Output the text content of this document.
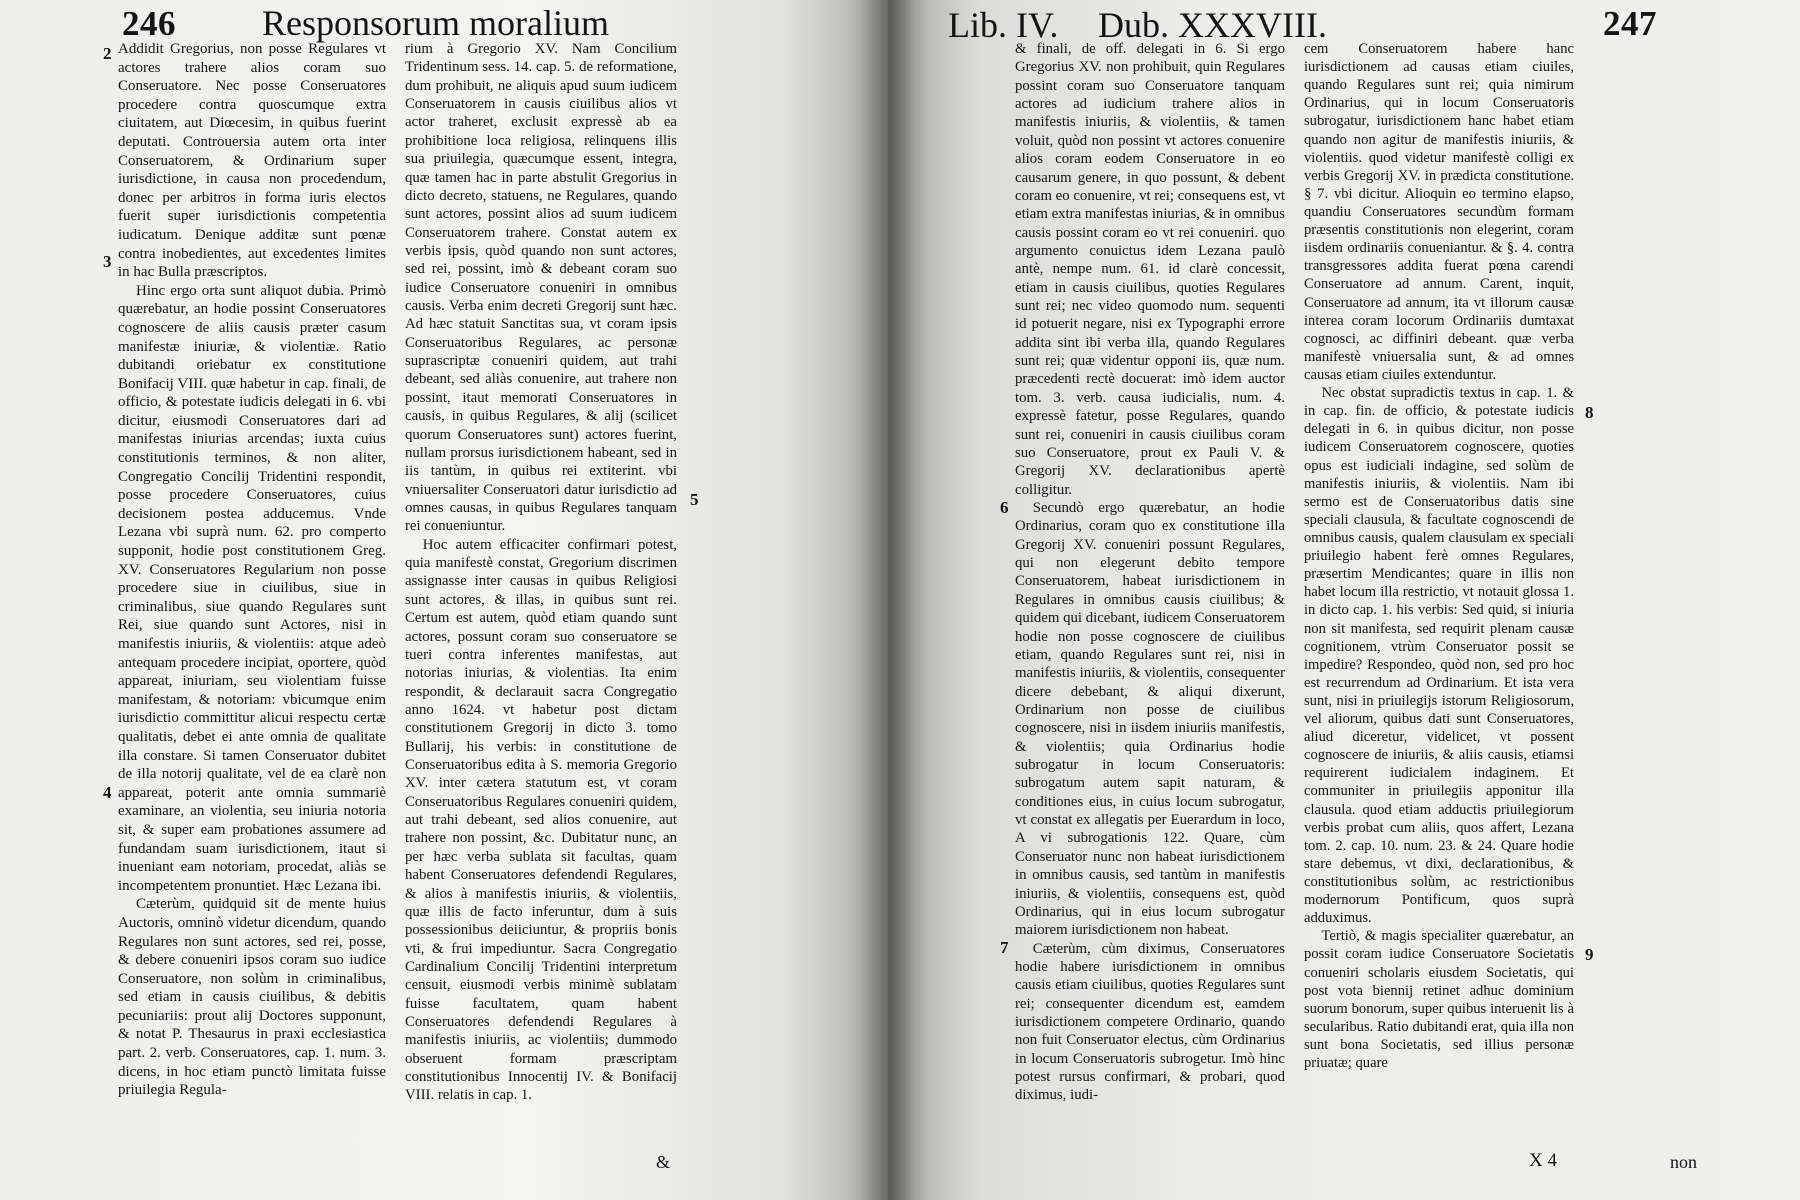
246 Responsorum moralium

Addidit Gregorius, non posse Regulares vt actores trahere alios coram suo Conseruatore. Nec posse Conseruatores procedere contra quoscumque extra ciuitatem, aut Diœcesim, in quibus fuerint deputati. Controuersia autem orta inter Conseruatorem, & Ordinarium super iurisdictione, in causa non procedendum, donec per arbitros in forma iuris electos fuerit super iurisdictionis competentia iudicatum. Denique additæ sunt pœnæ contra inobedientes, aut excedentes limites in hac Bulla præscriptos.

Hinc ergo orta sunt aliquot dubia. Primò quærebatur, an hodie possint Conseruatores cognoscere de aliis causis præter casum manifestæ iniuriæ, & violentiæ. Ratio dubitandi oriebatur ex constitutione Bonifacij VIII. quæ habetur in cap. finali, de officio, & potestate iudicis delegati in 6. vbi dicitur, eiusmodi Conseruatores dari ad manifestas iniurias arcendas; iuxta cuius constitutionis terminos, & non aliter, Congregatio Concilij Tridentini respondit, posse procedere Conseruatores, cuius decisionem postea adducemus. Vnde Lezana vbi suprà num. 62. pro comperto supponit, hodie post constitutionem Greg. XV. Conseruatores Regularium non posse procedere siue in ciuilibus, siue in criminalibus, siue quando Regulares sunt Rei, siue quando sunt Actores, nisi in manifestis iniuriis, & violentiis: atque adeò antequam procedere incipiat, oportere, quòd appareat, iniuriam, seu violentiam fuisse manifestam, & notoriam: vbicumque enim iurisdictio committitur alicui respectu certæ qualitatis, debet ei ante omnia de qualitate illa constare. Si tamen Conseruator dubitet de illa notorij qualitate, vel de ea clarè non appareat, poterit ante omnia summariè examinare, an violentia, seu iniuria notoria sit, & super eam probationes assumere ad fundandam suam iurisdictionem, itaut si inueniant eam notoriam, procedat, aliàs se incompetentem pronuntiet. Hæc Lezana ibi.

Cæterùm, quidquid sit de mente huius Auctoris, omninò videtur dicendum, quando Regulares non sunt actores, sed rei, posse, & debere conueniri ipsos coram suo iudice Conseruatore, non solùm in criminalibus, sed etiam in causis ciuilibus, & debitis pecuniariis: prout alij Doctores supponunt, & notat P. Thesaurus in praxi ecclesiastica part. 2. verb. Conseruatores, cap. 1. num. 3. dicens, in hoc etiam punctò limitata fuisse priuilegia Regula-

rium à Gregorio XV. Nam Concilium Tridentinum sess. 14. cap. 5. de reformatione, dum prohibuit, ne aliquis apud suum iudicem Conseruatorem in causis ciuilibus alios vt actor traheret, exclusit expressè ab ea prohibitione loca religiosa, relinquens illis sua priuilegia, quæcumque essent, integra, quæ tamen hac in parte abstulit Gregorius in dicto decreto, statuens, ne Regulares, quando sunt actores, possint alios ad suum iudicem Conseruatorem trahere. Constat autem ex verbis ipsis, quòd quando non sunt actores, sed rei, possint, imò & debeant coram suo iudice Conseruatore conueniri in omnibus causis. Verba enim decreti Gregorij sunt hæc. Ad hæc statuit Sanctitas sua, vt coram ipsis Conseruatoribus Regulares, ac personæ suprascriptæ conueniri quidem, aut trahi debeant, sed aliàs conuenire, aut trahere non possint, itaut memorati Conseruatores in causis, in quibus Regulares, & alij (scilicet quorum Conseruatores sunt) actores fuerint, nullam prorsus iurisdictionem habeant, sed in iis tantùm, in quibus rei extiterint. vbi vniuersaliter Conseruatori datur iurisdictio ad omnes causas, in quibus Regulares tanquam rei conueniuntur.

Hoc autem efficaciter confirmari potest, quia manifestè constat, Gregorium discrimen assignasse inter causas in quibus Religiosi sunt actores, & illas, in quibus sunt rei. Certum est autem, quòd etiam quando sunt actores, possunt coram suo conseruatore se tueri contra inferentes manifestas, aut notorias iniurias, & violentias. Ita enim respondit, & declarauit sacra Congregatio anno 1624. vt habetur post dictam constitutionem Gregorij in dicto 3. tomo Bullarij, his verbis: in constitutione de Conseruatoribus edita à S. memoria Gregorio XV. inter cætera statutum est, vt coram Conseruatoribus Regulares conueniri quidem, aut trahi debeant, sed alios conuenire, aut trahere non possint, &c. Dubitatur nunc, an per hæc verba sublata sit facultas, quam habent Conseruatores defendendi Regulares, & alios à manifestis iniuriis, & violentiis, quæ illis de facto inferuntur, dum à suis possessionibus deiiciuntur, & propriis bonis vti, & frui impediuntur. Sacra Congregatio Cardinalium Concilij Tridentini interpretum censuit, eiusmodi verbis minimè sublatam fuisse facultatem, quam habent Conseruatores defendendi Regulares à manifestis iniuriis, ac violentiis; dummodo obseruent formam præscriptam constitutionibus Innocentij IV. & Bonifacij VIII. relatis in cap. 1.

2
3
4
5
&
Lib. IV. Dub. XXXVIII.	247

& finali, de off. delegati in 6. Si ergo Gregorius XV. non prohibuit, quin Regulares possint coram suo Conseruatore tanquam actores ad iudicium trahere alios in manifestis iniuriis, & violentiis, & tamen voluit, quòd non possint vt actores conuenire alios coram eodem Conseruatore in eo causarum genere, in quo possunt, & debent coram eo conuenire, vt rei; consequens est, vt etiam extra manifestas iniurias, & in omnibus causis possint coram eo vt rei conueniri. quo argumento conuictus idem Lezana paulò antè, nempe num. 61. id clarè concessit, etiam in causis ciuilibus, quoties Regulares sunt rei; nec video quomodo num. sequenti id potuerit negare, nisi ex Typographi errore addita sint ibi verba illa, quando Regulares sunt rei; quæ videntur opponi iis, quæ num. præcedenti rectè docuerat: imò idem auctor tom. 3. verb. causa iudicialis, num. 4. expressè fatetur, posse Regulares, quando sunt rei, conueniri in causis ciuilibus coram suo Conseruatore, prout ex Pauli V. & Gregorij XV. declarationibus apertè colligitur.

Secundò ergo quærebatur, an hodie Ordinarius, coram quo ex constitutione illa Gregorij XV. conueniri possunt Regulares, qui non elegerunt debito tempore Conseruatorem, habeat iurisdictionem in Regulares in omnibus causis ciuilibus; & quidem qui dicebant, iudicem Conseruatorem hodie non posse cognoscere de ciuilibus etiam, quando Regulares sunt rei, nisi in manifestis iniuriis, & violentiis, consequenter dicere debebant, & aliqui dixerunt, Ordinarium non posse de ciuilibus cognoscere, nisi in iisdem iniuriis manifestis, & violentiis; quia Ordinarius hodie subrogatur in locum Conseruatoris: subrogatum autem sapit naturam, & conditiones eius, in cuius locum subrogatur, vt constat ex allegatis per Euerardum in loco, A vi subrogationis 122. Quare, cùm Conseruator nunc non habeat iurisdictionem in omnibus causis, sed tantùm in manifestis iniuriis, & violentiis, consequens est, quòd Ordinarius, qui in eius locum subrogatur maiorem iurisdictionem non habeat.

Cæterùm, cùm diximus, Conseruatores hodie habere iurisdictionem in omnibus causis etiam ciuilibus, quoties Regulares sunt rei; consequenter dicendum est, eamdem iurisdictionem competere Ordinario, quando non fuit Conseruator electus, cùm Ordinarius in locum Conseruatoris subrogetur. Imò hinc potest rursus confirmari, & probari, quod diximus, iudi-

cem Conseruatorem habere hanc iurisdictionem ad causas etiam ciuiles, quando Regulares sunt rei; quia nimirum Ordinarius, qui in locum Conseruatoris subrogatur, iurisdictionem hanc habet etiam quando non agitur de manifestis iniuriis, & violentiis. quod videtur manifestè colligi ex verbis Gregorij XV. in prædicta constitutione. § 7. vbi dicitur. Alioquin eo termino elapso, quandiu Conseruatores secundùm formam præsentis constitutionis non elegerint, coram iisdem ordinariis conueniantur. & §. 4. contra transgressores addita fuerat pœna carendi Conseruatore ad annum. Carent, inquit, Conseruatore ad annum, ita vt illorum causæ interea coram locorum Ordinariis dumtaxat cognosci, ac diffiniri debeant. quæ verba manifestè vniuersalia sunt, & ad omnes causas etiam ciuiles extenduntur.

Nec obstat supradictis textus in cap. 1. & in cap. fin. de officio, & potestate iudicis delegati in 6. in quibus dicitur, non posse iudicem Conseruatorem cognoscere, quoties opus est iudiciali indagine, sed solùm de manifestis iniuriis, & violentiis. Nam ibi sermo est de Conseruatoribus datis sine speciali clausula, & facultate cognoscendi de omnibus causis, qualem clausulam ex speciali priuilegio habent ferè omnes Regulares, præsertim Mendicantes; quare in illis non habet locum illa restrictio, vt notauit glossa 1. in dicto cap. 1. his verbis: Sed quid, si iniuria non sit manifesta, sed requirit plenam causæ cognitionem, vtrùm Conseruator possit se impedire? Respondeo, quòd non, sed pro hoc est recurrendum ad Ordinarium. Et ista vera sunt, nisi in priuilegijs istorum Religiosorum, vel aliorum, quibus dati sunt Conseruatores, aliud diceretur, videlicet, vt possent cognoscere de iniuriis, & aliis causis, etiamsi requirerent iudicialem indaginem. Et communiter in priuilegiis apponitur illa clausula. quod etiam adductis priuilegiorum verbis probat cum aliis, quos affert, Lezana tom. 2. cap. 10. num. 23. & 24. Quare hodie stare debemus, vt dixi, declarationibus, & constitutionibus solùm, ac restrictionibus modernorum Pontificum, quos suprà adduximus.

Tertiò, & magis specialiter quærebatur, an possit coram iudice Conseruatore Societatis conueniri scholaris eiusdem Societatis, qui post vota biennij retinet adhuc dominium suorum bonorum, super quibus interuenit lis à secularibus. Ratio dubitandi erat, quia illa non sunt bona Societatis, sed illius personæ priuatæ; quare

6
7
8
9
X 4	non
